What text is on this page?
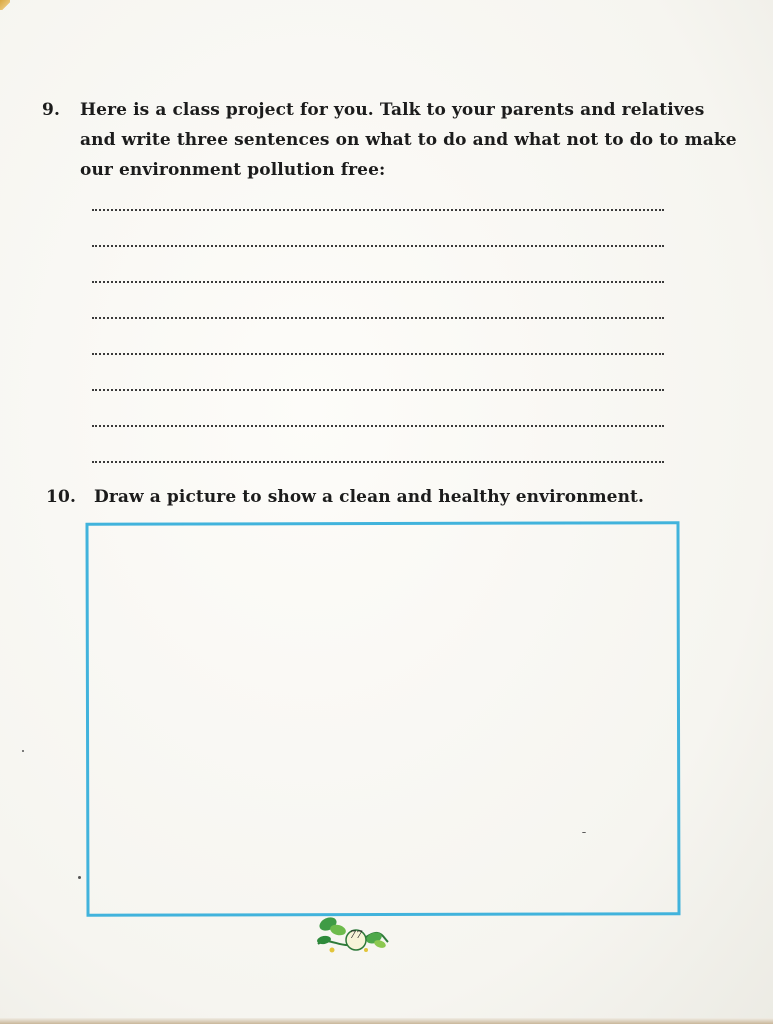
9. Here is a class project for you. Talk to your parents and relatives
and write three sentences on what to do and what not to do to make
our environment pollution free:
10. Draw a picture to show a clean and healthy environment.
77
